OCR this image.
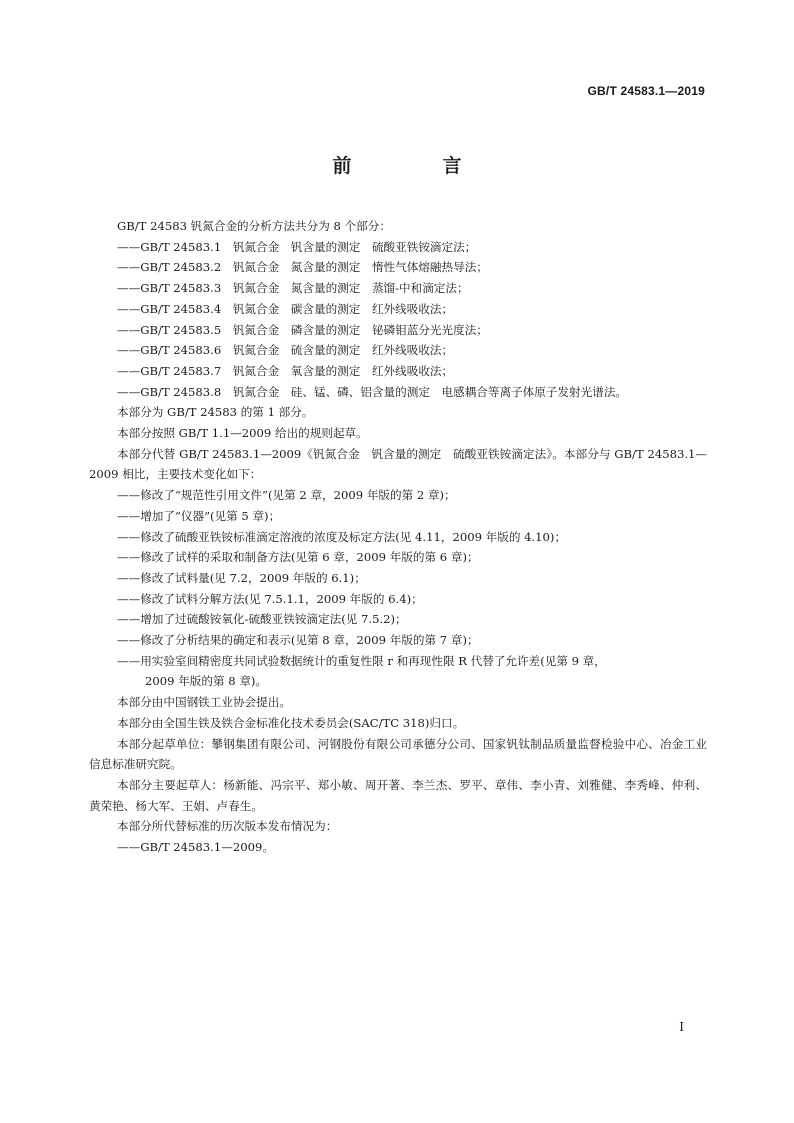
GB/T 24583.1—2019
前　言
GB/T 24583 钒氮合金的分析方法共分为 8 个部分：
——GB/T 24583.1　钒氮合金　钒含量的测定　硫酸亚铁铵滴定法；
——GB/T 24583.2　钒氮合金　氮含量的测定　惰性气体熔融热导法；
——GB/T 24583.3　钒氮合金　氮含量的测定　蒸馏-中和滴定法；
——GB/T 24583.4　钒氮合金　碳含量的测定　红外线吸收法；
——GB/T 24583.5　钒氮合金　磷含量的测定　铋磷钼蓝分光光度法；
——GB/T 24583.6　钒氮合金　硫含量的测定　红外线吸收法；
——GB/T 24583.7　钒氮合金　氧含量的测定　红外线吸收法；
——GB/T 24583.8　钒氮合金　硅、锰、磷、铝含量的测定　电感耦合等离子体原子发射光谱法。
本部分为 GB/T 24583 的第 1 部分。
本部分按照 GB/T 1.1—2009 给出的规则起草。
本部分代替 GB/T 24583.1—2009《钒氮合金　钒含量的测定　硫酸亚铁铵滴定法》。本部分与 GB/T 24583.1—2009 相比，主要技术变化如下：
——修改了“规范性引用文件”(见第 2 章，2009 年版的第 2 章)；
——增加了“仪器”(见第 5 章)；
——修改了硫酸亚铁铵标准滴定溶液的浓度及标定方法(见 4.11，2009 年版的 4.10)；
——修改了试样的采取和制备方法(见第 6 章，2009 年版的第 6 章)；
——修改了试料量(见 7.2，2009 年版的 6.1)；
——修改了试料分解方法(见 7.5.1.1，2009 年版的 6.4)；
——增加了过硫酸铵氧化-硫酸亚铁铵滴定法(见 7.5.2)；
——修改了分析结果的确定和表示(见第 8 章，2009 年版的第 7 章)；
——用实验室间精密度共同试验数据统计的重复性限 r 和再现性限 R 代替了允许差(见第 9 章，
2009 年版的第 8 章)。
本部分由中国钢铁工业协会提出。
本部分由全国生铁及铁合金标准化技术委员会(SAC/TC 318)归口。
本部分起草单位：攀钢集团有限公司、河钢股份有限公司承德分公司、国家钒钛制品质量监督检验中心、冶金工业信息标准研究院。
本部分主要起草人：杨新能、冯宗平、郑小敏、周开著、李兰杰、罗平、章伟、李小青、刘雅健、李秀峰、仲利、黄荣艳、杨大军、王娟、卢春生。
本部分所代替标准的历次版本发布情况为：
——GB/T 24583.1—2009。
I
